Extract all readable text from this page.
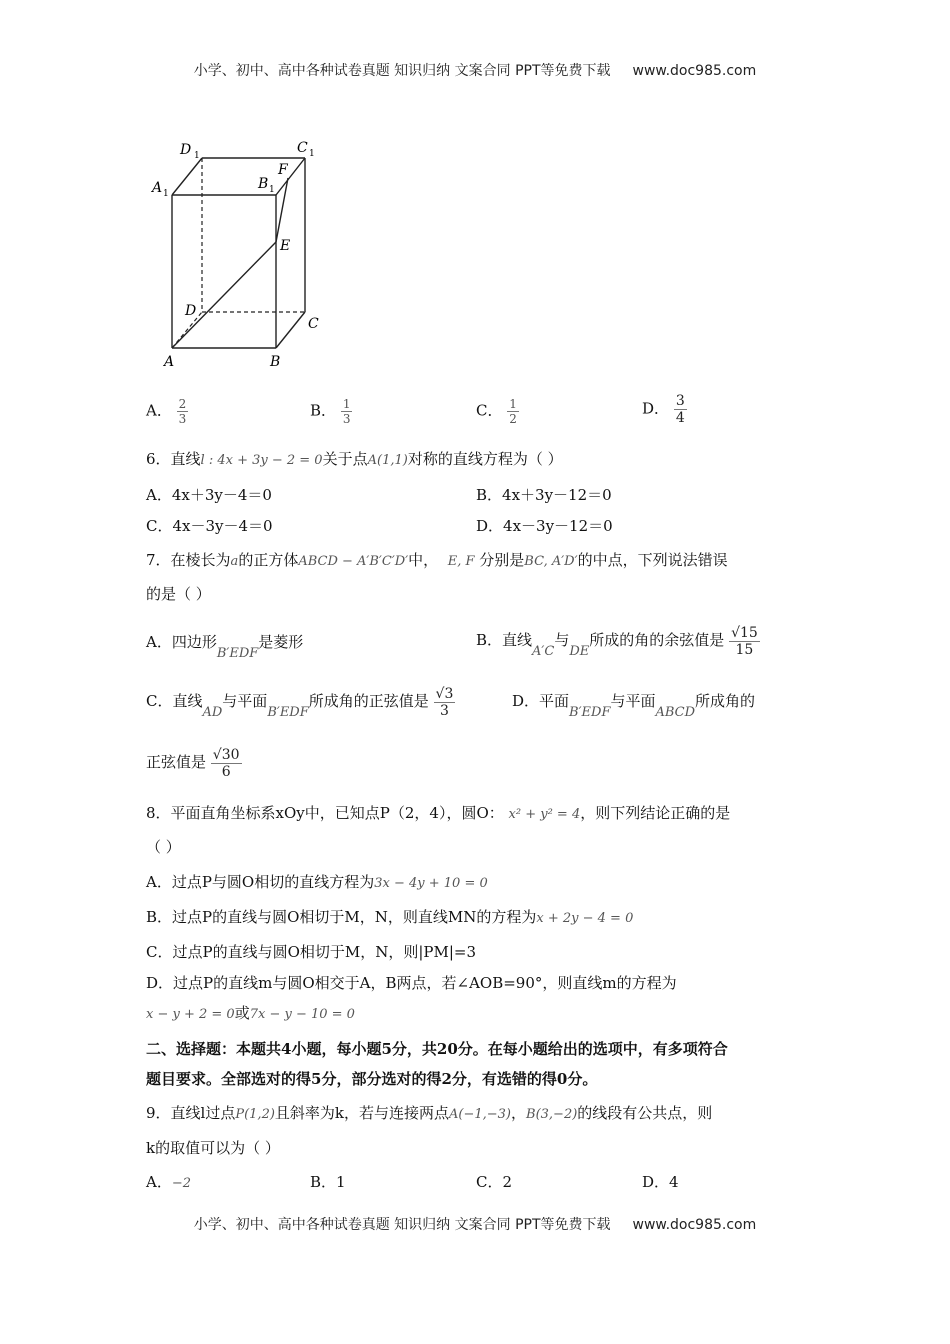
小学、初中、高中各种试卷真题 知识归纳 文案合同 PPT等免费下载 www.doc985.com
D 1	C 1
A 1
B 1
F
E
D
C
A	B
A． $\frac{2}{3}$	B． $\frac{1}{3}$	C． $\frac{1}{2}$	D． $\frac{3}{4}$
6．直线l : 4x + 3y − 2 = 0关于点A(1,1)对称的直线方程为（ ）
A．4x＋3y－4＝0	B．4x＋3y－12＝0
C．4x－3y－4＝0	D．4x－3y－12＝0
7．在棱长为a的正方体ABCD − A′B′C′D′中， E, F 分别是BC, A′D′的中点，下列说法错误
的是（ ）
A．四边形B′EDF是菱形	B．直线A′C与DE所成的角的余弦值是 $\frac{√15}{15}$
C．直线AD与平面B′EDF所成角的正弦值是 $\frac{√3}{3}$	D．平面B′EDF与平面ABCD所成角的
正弦值是 $\frac{√30}{6}$
8．平面直角坐标系xOy中，已知点P（2，4），圆O： x² + y² = 4，则下列结论正确的是
（ ）
A．过点P与圆O相切的直线方程为3x − 4y + 10 = 0
B．过点P的直线与圆O相切于M，N，则直线MN的方程为x + 2y − 4 = 0
C．过点P的直线与圆O相切于M，N，则|PM|=3
D．过点P的直线m与圆O相交于A，B两点，若∠AOB=90°，则直线m的方程为
x − y + 2 = 0或7x − y − 10 = 0
二、选择题：本题共4小题，每小题5分，共20分。在每小题给出的选项中，有多项符合
题目要求。全部选对的得5分，部分选对的得2分，有选错的得0分。
9．直线l过点P(1,2)且斜率为k，若与连接两点A(−1,−3)，B(3,−2)的线段有公共点，则
k的取值可以为（ ）
A．−2	B．1	C．2	D．4
小学、初中、高中各种试卷真题 知识归纳 文案合同 PPT等免费下载 www.doc985.com
